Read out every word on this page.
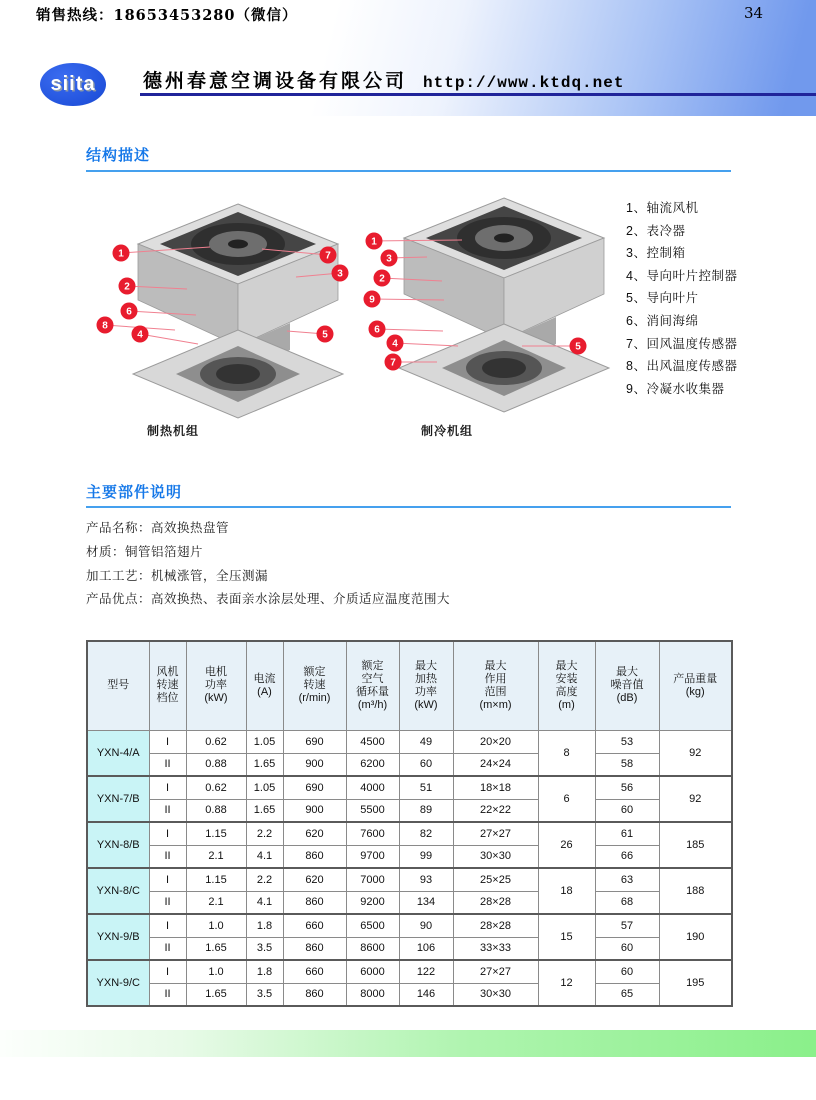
siita 德州春意空调设备有限公司 http://www.ktdq.net
结构描述
1
2
6
8
4
7
3
5
1
3
2
9
6
4
7
5
制热机组	制冷机组
1、轴流风机
2、表冷器
3、控制箱
4、导向叶片控制器
5、导向叶片
6、消间海绵
7、回风温度传感器
8、出风温度传感器
9、冷凝水收集器
主要部件说明
产品名称：高效换热盘管
材质：铜管铝箔翅片
加工工艺：机械涨管，全压测漏
产品优点：高效换热、表面亲水涂层处理、介质适应温度范围大
型号

风机
转速
档位

电机
功率
(kW)

电流
(A)

额定
转速
(r/min)

额定
空气
循环量
(m³/h)

最大
加热
功率
(kW)

最大
作用
范围
(m×m)

最大
安装
高度
(m)

最大
噪音值
(dB)

产品重量
(kg)

YXN-4/A	I	0.62	1.05	690	4500	49	20×20	8	53	92
	II	0.88	1.65	900	6200	60	24×24		58	
YXN-7/B	I	0.62	1.05	690	4000	51	18×18	6	56	92
	II	0.88	1.65	900	5500	89	22×22		60	
YXN-8/B	I	1.15	2.2	620	7600	82	27×27	26	61	185
	II	2.1	4.1	860	9700	99	30×30		66	
YXN-8/C	I	1.15	2.2	620	7000	93	25×25	18	63	188
	II	2.1	4.1	860	9200	134	28×28		68	
YXN-9/B	I	1.0	1.8	660	6500	90	28×28	15	57	190
	II	1.65	3.5	860	8600	106	33×33		60	
YXN-9/C	I	1.0	1.8	660	6000	122	27×27	12	60	195
	II	1.65	3.5	860	8000	146	30×30		65	
销售热线：18653453280（微信）	34
